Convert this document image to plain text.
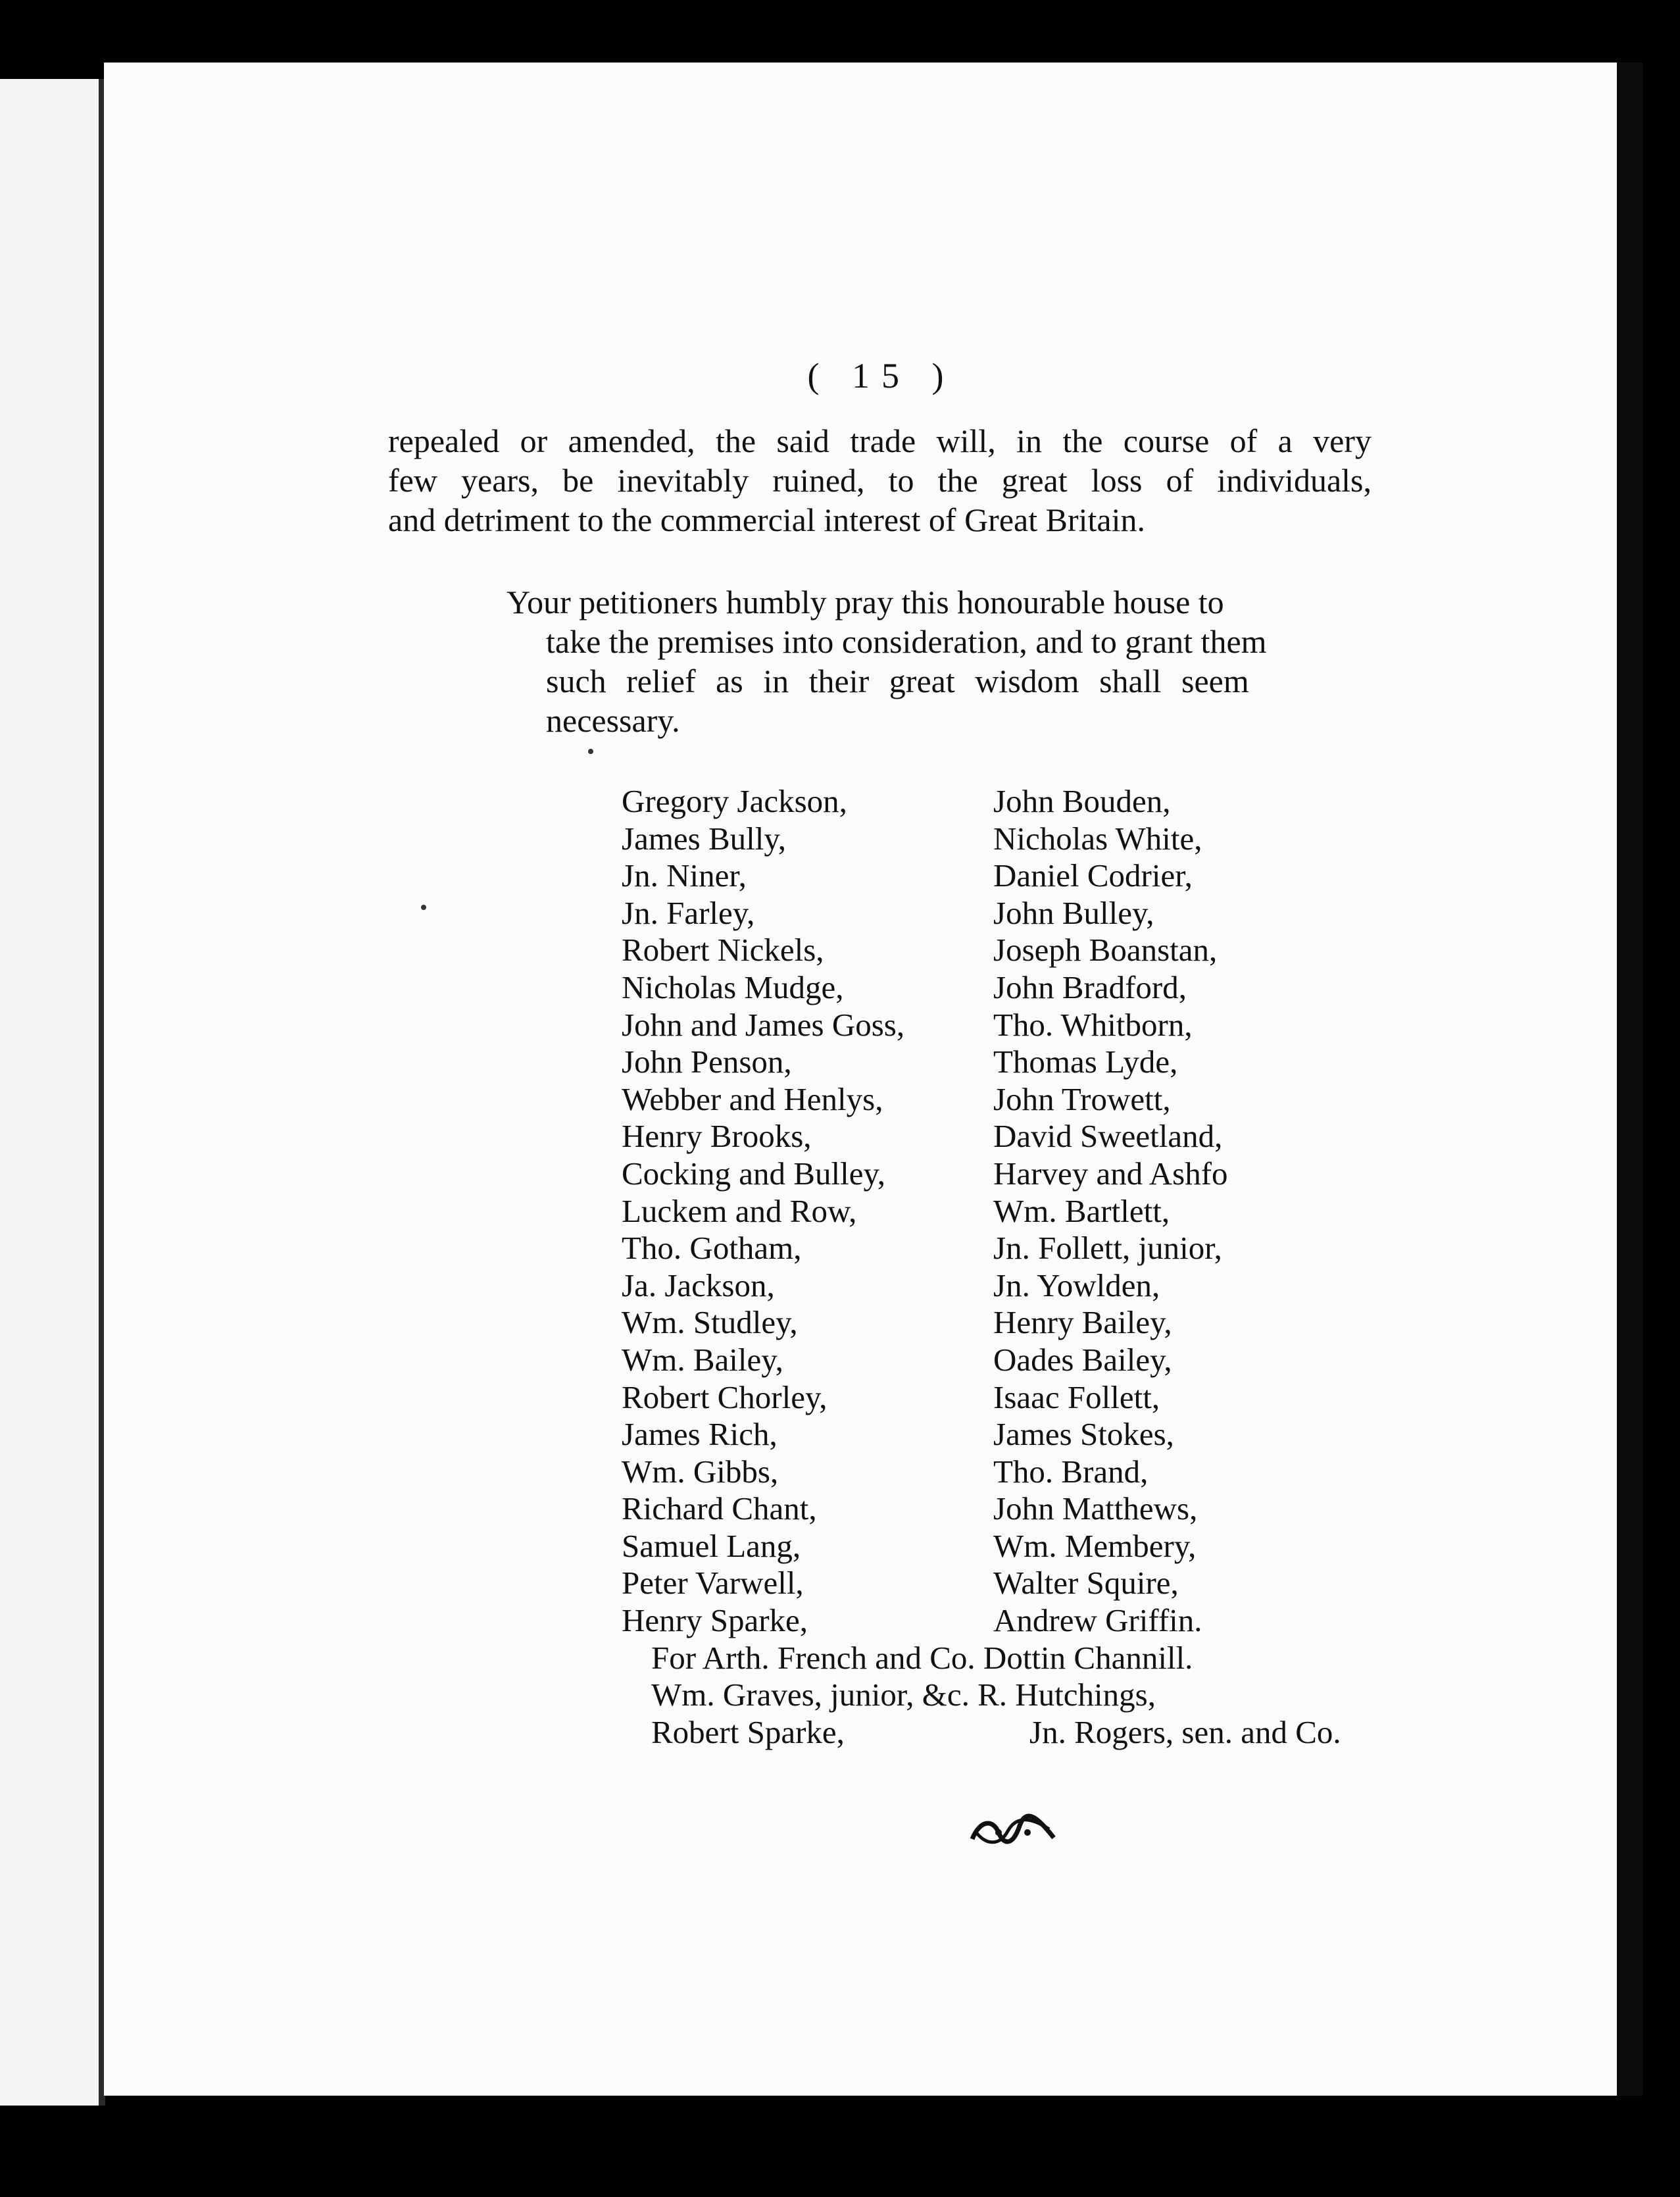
( 15 )
repealed or amended, the said trade will, in the course of a very
few years, be inevitably ruined, to the great loss of individuals,
and detriment to the commercial interest of Great Britain.
Your petitioners humbly pray this honourable house to
take the premises into consideration, and to grant them
such relief as in their great wisdom shall seem
necessary.
Gregory Jackson,	John Bouden,
James Bully,	Nicholas White,
Jn. Niner,	Daniel Codrier,
Jn. Farley,	John Bulley,
Robert Nickels,	Joseph Boanstan,
Nicholas Mudge,	John Bradford,
John and James Goss,	Tho. Whitborn,
John Penson,	Thomas Lyde,
Webber and Henlys,	John Trowett,
Henry Brooks,	David Sweetland,
Cocking and Bulley,	Harvey and Ashfo
Luckem and Row,	Wm. Bartlett,
Tho. Gotham,	Jn. Follett, junior,
Ja. Jackson,	Jn. Yowlden,
Wm. Studley,	Henry Bailey,
Wm. Bailey,	Oades Bailey,
Robert Chorley,	Isaac Follett,
James Rich,	James Stokes,
Wm. Gibbs,	Tho. Brand,
Richard Chant,	John Matthews,
Samuel Lang,	Wm. Membery,
Peter Varwell,	Walter Squire,
Henry Sparke,	Andrew Griffin.
For Arth. French and Co. Dottin Channill.
Wm. Graves, junior, &c. R. Hutchings,
Robert Sparke,	Jn. Rogers, sen. and Co.
